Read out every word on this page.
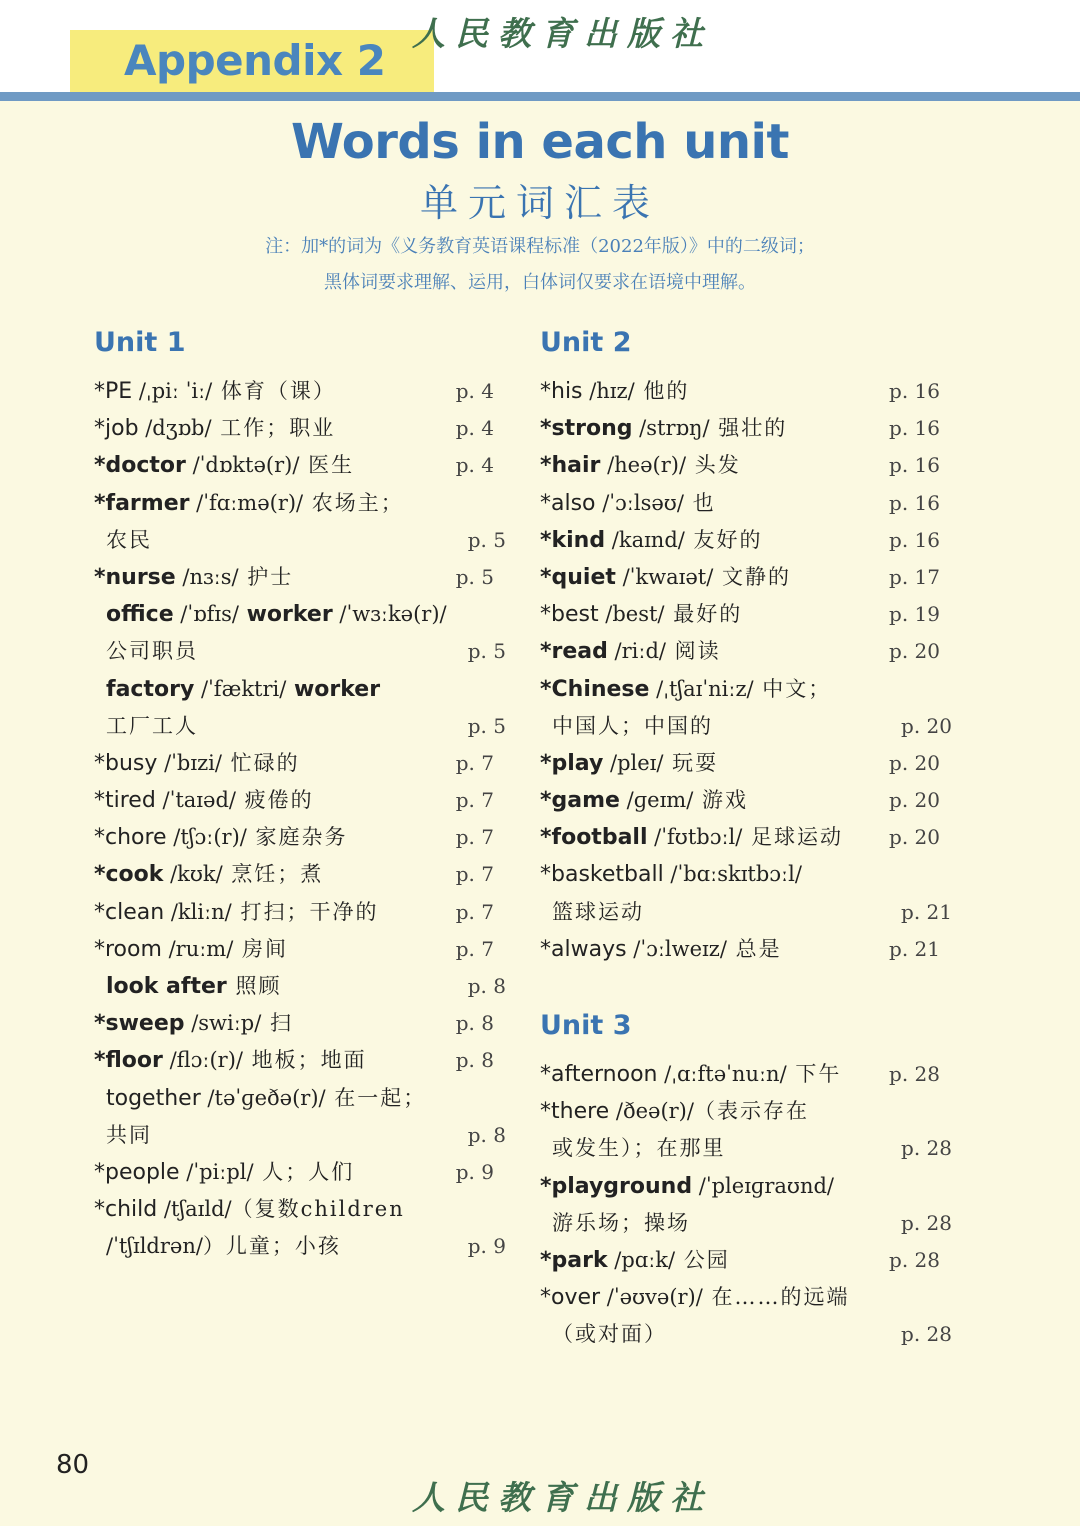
Appendix 2
人民教育出版社
Words in each unit
单元词汇表
注：加*的词为《义务教育英语课程标准（2022年版）》中的二级词；
黑体词要求理解、运用，白体词仅要求在语境中理解。
Unit 1	Unit 2
Unit 3
*PE /ˌpiː ˈiː/ 体育（课）	p. 4
*job /dʒɒb/ 工作；职业	p. 4
*doctor /ˈdɒktə(r)/ 医生	p. 4
*farmer /ˈfɑːmə(r)/ 农场主；
农民	p. 5
*nurse /nɜːs/ 护士	p. 5
office /ˈɒfɪs/ worker /ˈwɜːkə(r)/
公司职员	p. 5
factory /ˈfæktri/ worker
工厂工人	p. 5
*busy /ˈbɪzi/ 忙碌的	p. 7
*tired /ˈtaɪəd/ 疲倦的	p. 7
*chore /tʃɔː(r)/ 家庭杂务	p. 7
*cook /kʊk/ 烹饪；煮	p. 7
*clean /kliːn/ 打扫；干净的	p. 7
*room /ruːm/ 房间	p. 7
look after 照顾	p. 8
*sweep /swiːp/ 扫	p. 8
*floor /flɔː(r)/ 地板；地面	p. 8
together /təˈɡeðə(r)/ 在一起；
共同	p. 8
*people /ˈpiːpl/ 人；人们	p. 9
*child /tʃaɪld/（复数children
/ˈtʃɪldrən/）儿童；小孩	p. 9
*his /hɪz/ 他的	p. 16
*strong /strɒŋ/ 强壮的	p. 16
*hair /heə(r)/ 头发	p. 16
*also /ˈɔːlsəʊ/ 也	p. 16
*kind /kaɪnd/ 友好的	p. 16
*quiet /ˈkwaɪət/ 文静的	p. 17
*best /best/ 最好的	p. 19
*read /riːd/ 阅读	p. 20
*Chinese /ˌtʃaɪˈniːz/ 中文；
中国人；中国的	p. 20
*play /pleɪ/ 玩耍	p. 20
*game /ɡeɪm/ 游戏	p. 20
*football /ˈfʊtbɔːl/ 足球运动 p. 20
*basketball /ˈbɑːskɪtbɔːl/
篮球运动	p. 21
*always /ˈɔːlweɪz/ 总是	p. 21
*afternoon /ˌɑːftəˈnuːn/ 下午 p. 28
*there /ðeə(r)/（表示存在
或发生）；在那里	p. 28
*playground /ˈpleɪɡraʊnd/
游乐场；操场	p. 28
*park /pɑːk/ 公园	p. 28
*over /ˈəʊvə(r)/ 在……的远端
（或对面）	p. 28
80
人民教育出版社
